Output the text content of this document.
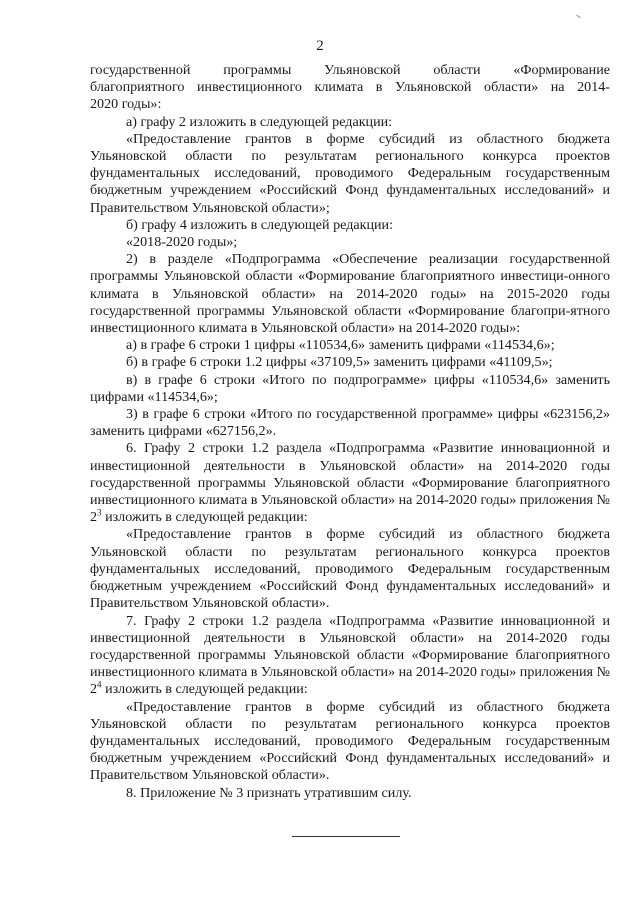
2
государственной программы Ульяновской области «Формирование
благоприятного инвестиционного климата в Ульяновской области» на 2014-
2020 годы»:

а) графу 2 изложить в следующей редакции:

«Предоставление грантов в форме субсидий из областного бюджета Ульяновской области по результатам регионального конкурса проектов фундаментальных исследований, проводимого Федеральным государственным бюджетным учреждением «Российский Фонд фундаментальных исследований» и Правительством Ульяновской области»;

б) графу 4 изложить в следующей редакции:

«2018-2020 годы»;

2) в разделе «Подпрограмма «Обеспечение реализации государственной программы Ульяновской области «Формирование благоприятного инвестици-онного климата в Ульяновской области» на 2014-2020 годы» на 2015-2020 годы государственной программы Ульяновской области «Формирование благопри-ятного инвестиционного климата в Ульяновской области» на 2014-2020 годы»:

а) в графе 6 строки 1 цифры «110534,6» заменить цифрами «114534,6»;

б) в графе 6 строки 1.2 цифры «37109,5» заменить цифрами «41109,5»;

в) в графе 6 строки «Итого по подпрограмме» цифры «110534,6» заменить цифрами «114534,6»;

3) в графе 6 строки «Итого по государственной программе» цифры «623156,2» заменить цифрами «627156,2».

6. Графу 2 строки 1.2 раздела «Подпрограмма «Развитие инновационной и инвестиционной деятельности в Ульяновской области» на 2014-2020 годы государственной программы Ульяновской области «Формирование благоприятного инвестиционного климата в Ульяновской области» на 2014-2020 годы» приложения № $2^3$ изложить в следующей редакции:

«Предоставление грантов в форме субсидий из областного бюджета Ульяновской области по результатам регионального конкурса проектов фундаментальных исследований, проводимого Федеральным государственным бюджетным учреждением «Российский Фонд фундаментальных исследований» и Правительством Ульяновской области».

7. Графу 2 строки 1.2 раздела «Подпрограмма «Развитие инновационной и инвестиционной деятельности в Ульяновской области» на 2014-2020 годы государственной программы Ульяновской области «Формирование благоприятного инвестиционного климата в Ульяновской области» на 2014-2020 годы» приложения № $2^4$ изложить в следующей редакции:

«Предоставление грантов в форме субсидий из областного бюджета Ульяновской области по результатам регионального конкурса проектов фундаментальных исследований, проводимого Федеральным государственным бюджетным учреждением «Российский Фонд фундаментальных исследований» и Правительством Ульяновской области».

8. Приложение № 3 признать утратившим силу.
